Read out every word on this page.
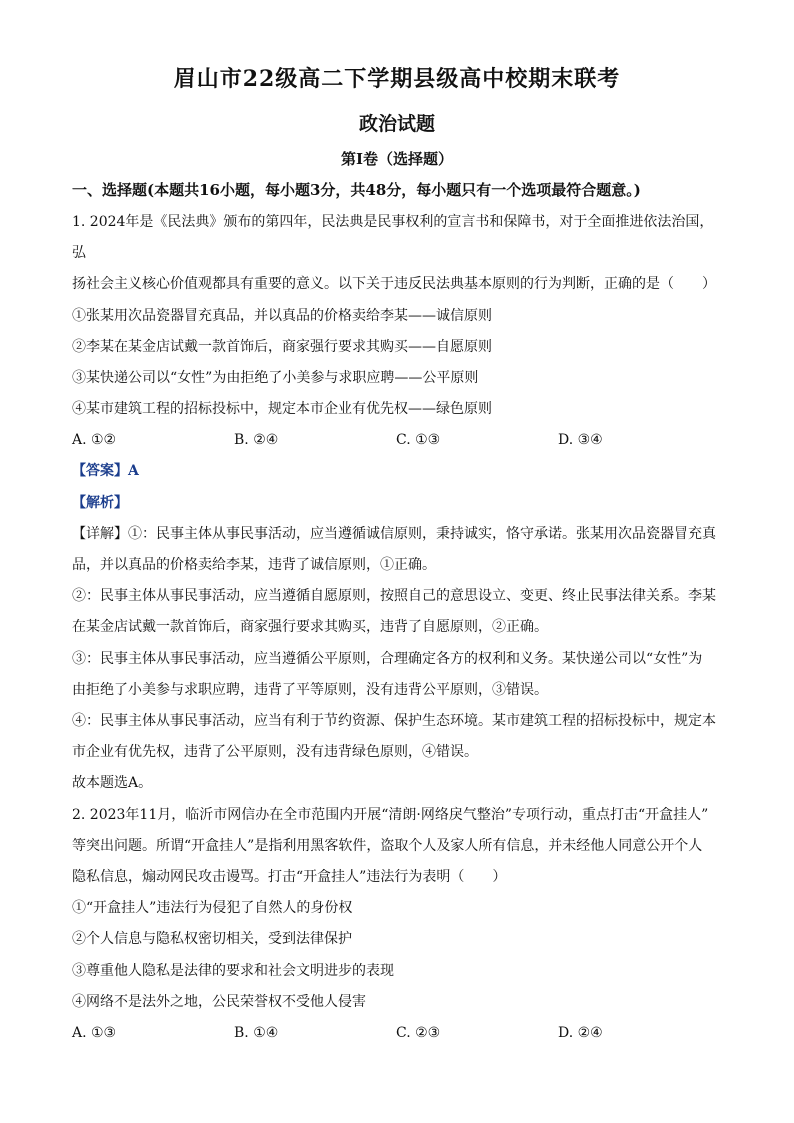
眉山市22级高二下学期县级高中校期末联考
政治试题
第Ⅰ卷（选择题）
一、选择题(本题共16小题，每小题3分，共48分，每小题只有一个选项最符合题意。)

1. 2024年是《民法典》颁布的第四年，民法典是民事权利的宣言书和保障书，对于全面推进依法治国，弘

扬社会主义核心价值观都具有重要的意义。以下关于违反民法典基本原则的行为判断，正确的是（　　）

①张某用次品瓷器冒充真品，并以真品的价格卖给李某——诚信原则

②李某在某金店试戴一款首饰后，商家强行要求其购买——自愿原则

③某快递公司以“女性”为由拒绝了小美参与求职应聘——公平原则

④某市建筑工程的招标投标中，规定本市企业有优先权——绿色原则

A. ①②	B. ②④	C. ①③	D. ③④

【答案】A

【解析】

【详解】①：民事主体从事民事活动，应当遵循诚信原则，秉持诚实，恪守承诺。张某用次品瓷器冒充真

品，并以真品的价格卖给李某，违背了诚信原则，①正确。

②：民事主体从事民事活动，应当遵循自愿原则，按照自己的意思设立、变更、终止民事法律关系。李某

在某金店试戴一款首饰后，商家强行要求其购买，违背了自愿原则，②正确。

③：民事主体从事民事活动，应当遵循公平原则，合理确定各方的权利和义务。某快递公司以“女性”为

由拒绝了小美参与求职应聘，违背了平等原则，没有违背公平原则，③错误。

④：民事主体从事民事活动，应当有利于节约资源、保护生态环境。某市建筑工程的招标投标中，规定本

市企业有优先权，违背了公平原则，没有违背绿色原则，④错误。

故本题选A。

2. 2023年11月，临沂市网信办在全市范围内开展“清朗·网络戾气整治”专项行动，重点打击“开盒挂人”

等突出问题。所谓“开盒挂人”是指利用黑客软件，盗取个人及家人所有信息，并未经他人同意公开个人

隐私信息，煽动网民攻击谩骂。打击“开盒挂人”违法行为表明（　　）

①“开盒挂人”违法行为侵犯了自然人的身份权

②个人信息与隐私权密切相关，受到法律保护

③尊重他人隐私是法律的要求和社会文明进步的表现

④网络不是法外之地，公民荣誉权不受他人侵害

A. ①③	B. ①④	C. ②③	D. ②④
